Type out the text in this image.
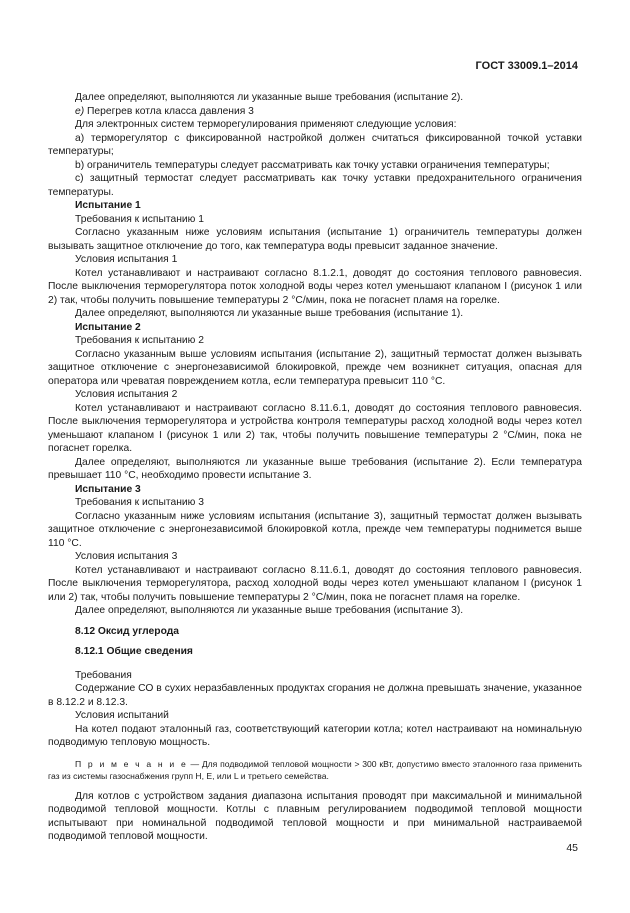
ГОСТ 33009.1–2014

Далее определяют, выполняются ли указанные выше требования (испытание 2).

e) Перегрев котла класса давления 3

Для электронных систем терморегулирования применяют следующие условия:

а) терморегулятор с фиксированной настройкой должен считаться фиксированной точкой уставки температуры;

b) ограничитель температуры следует рассматривать как точку уставки ограничения температуры;

c) защитный термостат следует рассматривать как точку уставки предохранительного ограничения температуры.

Испытание 1

Требования к испытанию 1

Согласно указанным ниже условиям испытания (испытание 1) ограничитель температуры должен вызывать защитное отключение до того, как температура воды превысит заданное значение.

Условия испытания 1

Котел устанавливают и настраивают согласно 8.1.2.1, доводят до состояния теплового равновесия. После выключения терморегулятора поток холодной воды через котел уменьшают клапаном I (рисунок 1 или 2) так, чтобы получить повышение температуры 2 °С/мин, пока не погаснет пламя на горелке.

Далее определяют, выполняются ли указанные выше требования (испытание 1).

Испытание 2

Требования к испытанию 2

Согласно указанным выше условиям испытания (испытание 2), защитный термостат должен вызывать защитное отключение с энергонезависимой блокировкой, прежде чем возникнет ситуация, опасная для оператора или чреватая повреждением котла, если температура превысит 110 °С.

Условия испытания 2

Котел устанавливают и настраивают согласно 8.11.6.1, доводят до состояния теплового равновесия. После выключения терморегулятора и устройства контроля температуры расход холодной воды через котел уменьшают клапаном I (рисунок 1 или 2) так, чтобы получить повышение температуры 2 °С/мин, пока не погаснет горелка.

Далее определяют, выполняются ли указанные выше требования (испытание 2). Если температура превышает 110 °С, необходимо провести испытание 3.

Испытание 3

Требования к испытанию 3

Согласно указанным ниже условиям испытания (испытание 3), защитный термостат должен вызывать защитное отключение с энергонезависимой блокировкой котла, прежде чем температуры поднимется выше 110 °С.

Условия испытания 3

Котел устанавливают и настраивают согласно 8.11.6.1, доводят до состояния теплового равновесия. После выключения терморегулятора, расход холодной воды через котел уменьшают клапаном I (рисунок 1 или 2) так, чтобы получить повышение температуры 2 °С/мин, пока не погаснет пламя на горелке.

Далее определяют, выполняются ли указанные выше требования (испытание 3).

8.12 Оксид углерода

8.12.1 Общие сведения

Требования

Содержание СО в сухих неразбавленных продуктах сгорания не должна превышать значение, указанное в 8.12.2 и 8.12.3.

Условия испытаний

На котел подают эталонный газ, соответствующий категории котла; котел настраивают на номинальную подводимую тепловую мощность.

П р и м е ч а н и е — Для подводимой тепловой мощности > 300 кВт, допустимо вместо эталонного газа применить газ из системы газоснабжения групп H, E, или L и третьего семейства.

Для котлов с устройством задания диапазона испытания проводят при максимальной и минимальной подводимой тепловой мощности. Котлы с плавным регулированием подводимой тепловой мощности испытывают при номинальной подводимой тепловой мощности и при минимальной настраиваемой подводимой тепловой мощности.

45
